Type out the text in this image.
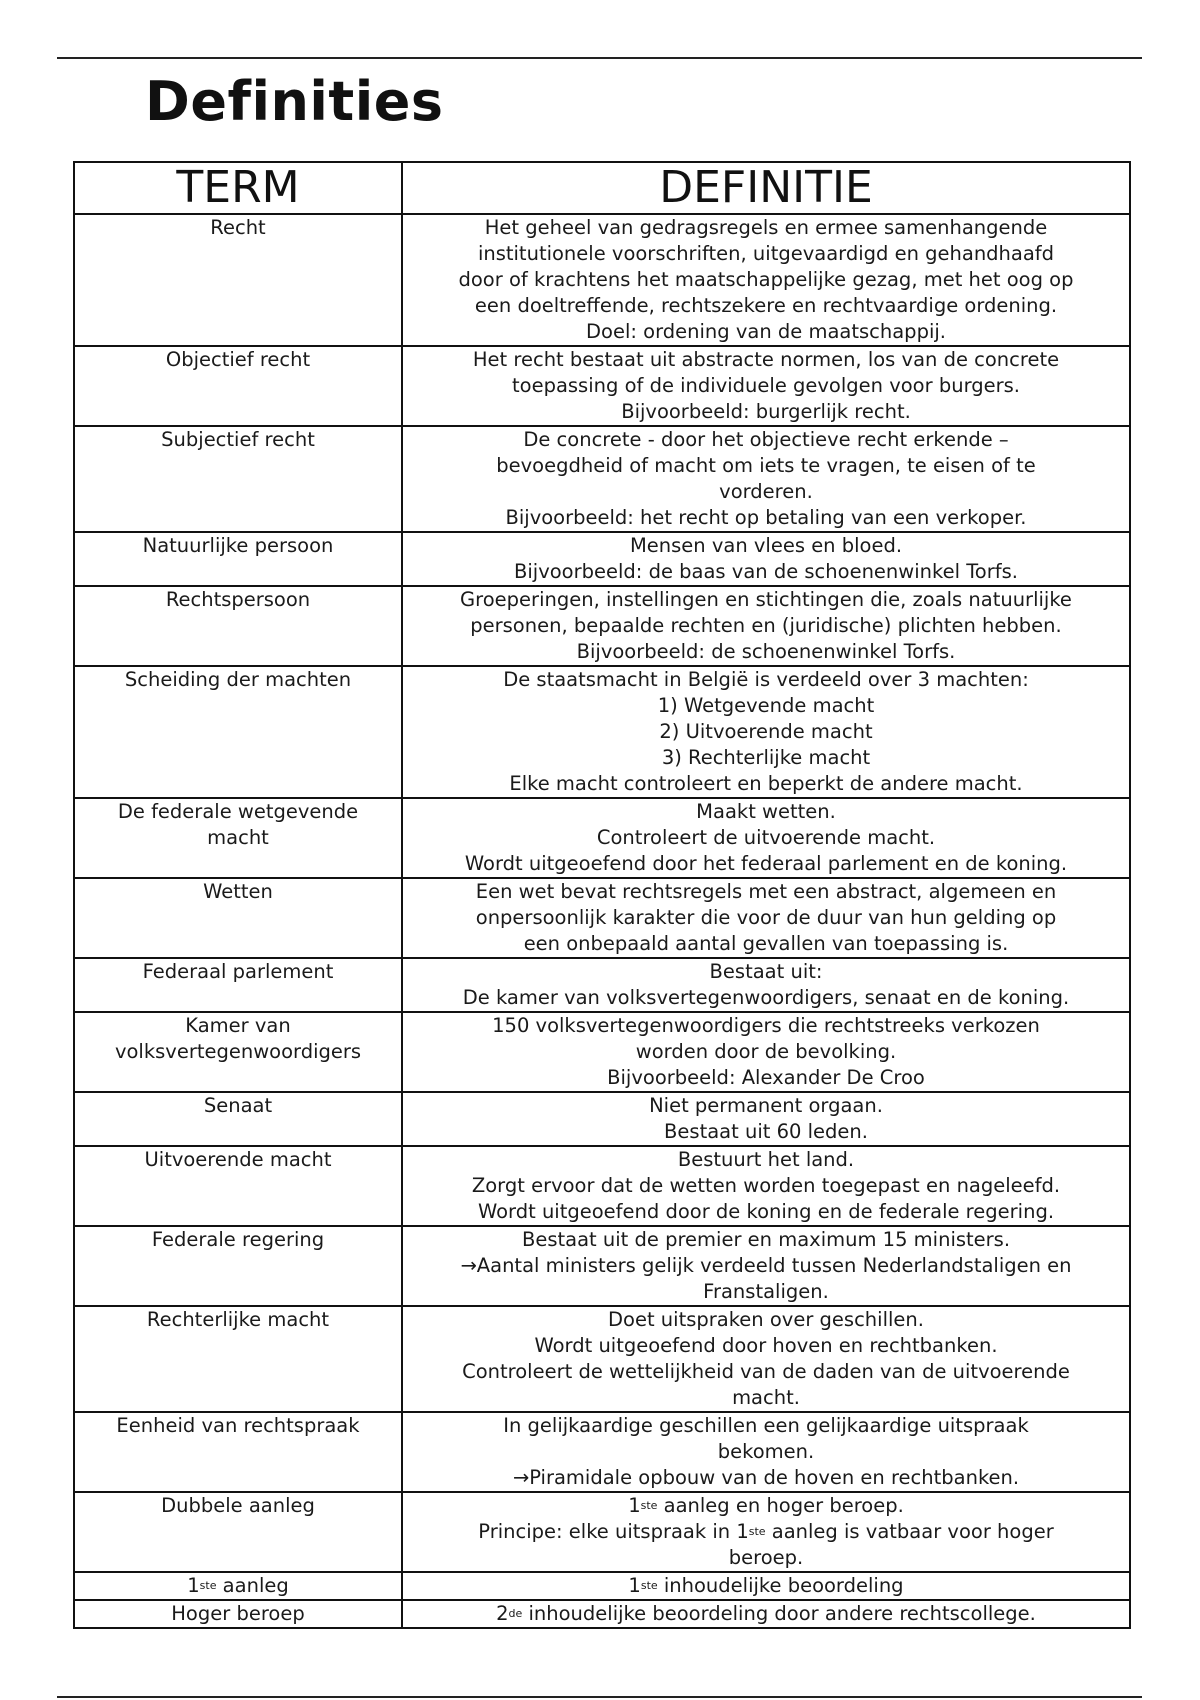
Definities
TERM	DEFINITIE

Recht	Het geheel van gedragsregels en ermee samenhangende
institutionele voorschriften, uitgevaardigd en gehandhaafd
door of krachtens het maatschappelijke gezag, met het oog op
een doeltreffende, rechtszekere en rechtvaardige ordening.
Doel: ordening van de maatschappij.

Objectief recht	Het recht bestaat uit abstracte normen, los van de concrete
toepassing of de individuele gevolgen voor burgers.
Bijvoorbeeld: burgerlijk recht.

Subjectief recht	De concrete - door het objectieve recht erkende –
bevoegdheid of macht om iets te vragen, te eisen of te
vorderen.
Bijvoorbeeld: het recht op betaling van een verkoper.

Natuurlijke persoon	Mensen van vlees en bloed.
Bijvoorbeeld: de baas van de schoenenwinkel Torfs.

Rechtspersoon	Groeperingen, instellingen en stichtingen die, zoals natuurlijke
personen, bepaalde rechten en (juridische) plichten hebben.
Bijvoorbeeld: de schoenenwinkel Torfs.

Scheiding der machten	De staatsmacht in België is verdeeld over 3 machten:
1) Wetgevende macht
2) Uitvoerende macht
3) Rechterlijke macht
Elke macht controleert en beperkt de andere macht.

De federale wetgevende
macht	Maakt wetten.
Controleert de uitvoerende macht.
Wordt uitgeoefend door het federaal parlement en de koning.

Wetten	Een wet bevat rechtsregels met een abstract, algemeen en
onpersoonlijk karakter die voor de duur van hun gelding op
een onbepaald aantal gevallen van toepassing is.

Federaal parlement	Bestaat uit:
De kamer van volksvertegenwoordigers, senaat en de koning.

Kamer van
volksvertegenwoordigers	150 volksvertegenwoordigers die rechtstreeks verkozen
worden door de bevolking.
Bijvoorbeeld: Alexander De Croo

Senaat	Niet permanent orgaan.
Bestaat uit 60 leden.

Uitvoerende macht	Bestuurt het land.
Zorgt ervoor dat de wetten worden toegepast en nageleefd.
Wordt uitgeoefend door de koning en de federale regering.

Federale regering	Bestaat uit de premier en maximum 15 ministers.
→Aantal ministers gelijk verdeeld tussen Nederlandstaligen en
Franstaligen.

Rechterlijke macht	Doet uitspraken over geschillen.
Wordt uitgeoefend door hoven en rechtbanken.
Controleert de wettelijkheid van de daden van de uitvoerende
macht.

Eenheid van rechtspraak	In gelijkaardige geschillen een gelijkaardige uitspraak
bekomen.
→Piramidale opbouw van de hoven en rechtbanken.

Dubbele aanleg	1ste aanleg en hoger beroep.
Principe: elke uitspraak in 1ste aanleg is vatbaar voor hoger
beroep.

1ste aanleg	1ste inhoudelijke beoordeling

Hoger beroep	2de inhoudelijke beoordeling door andere rechtscollege.
